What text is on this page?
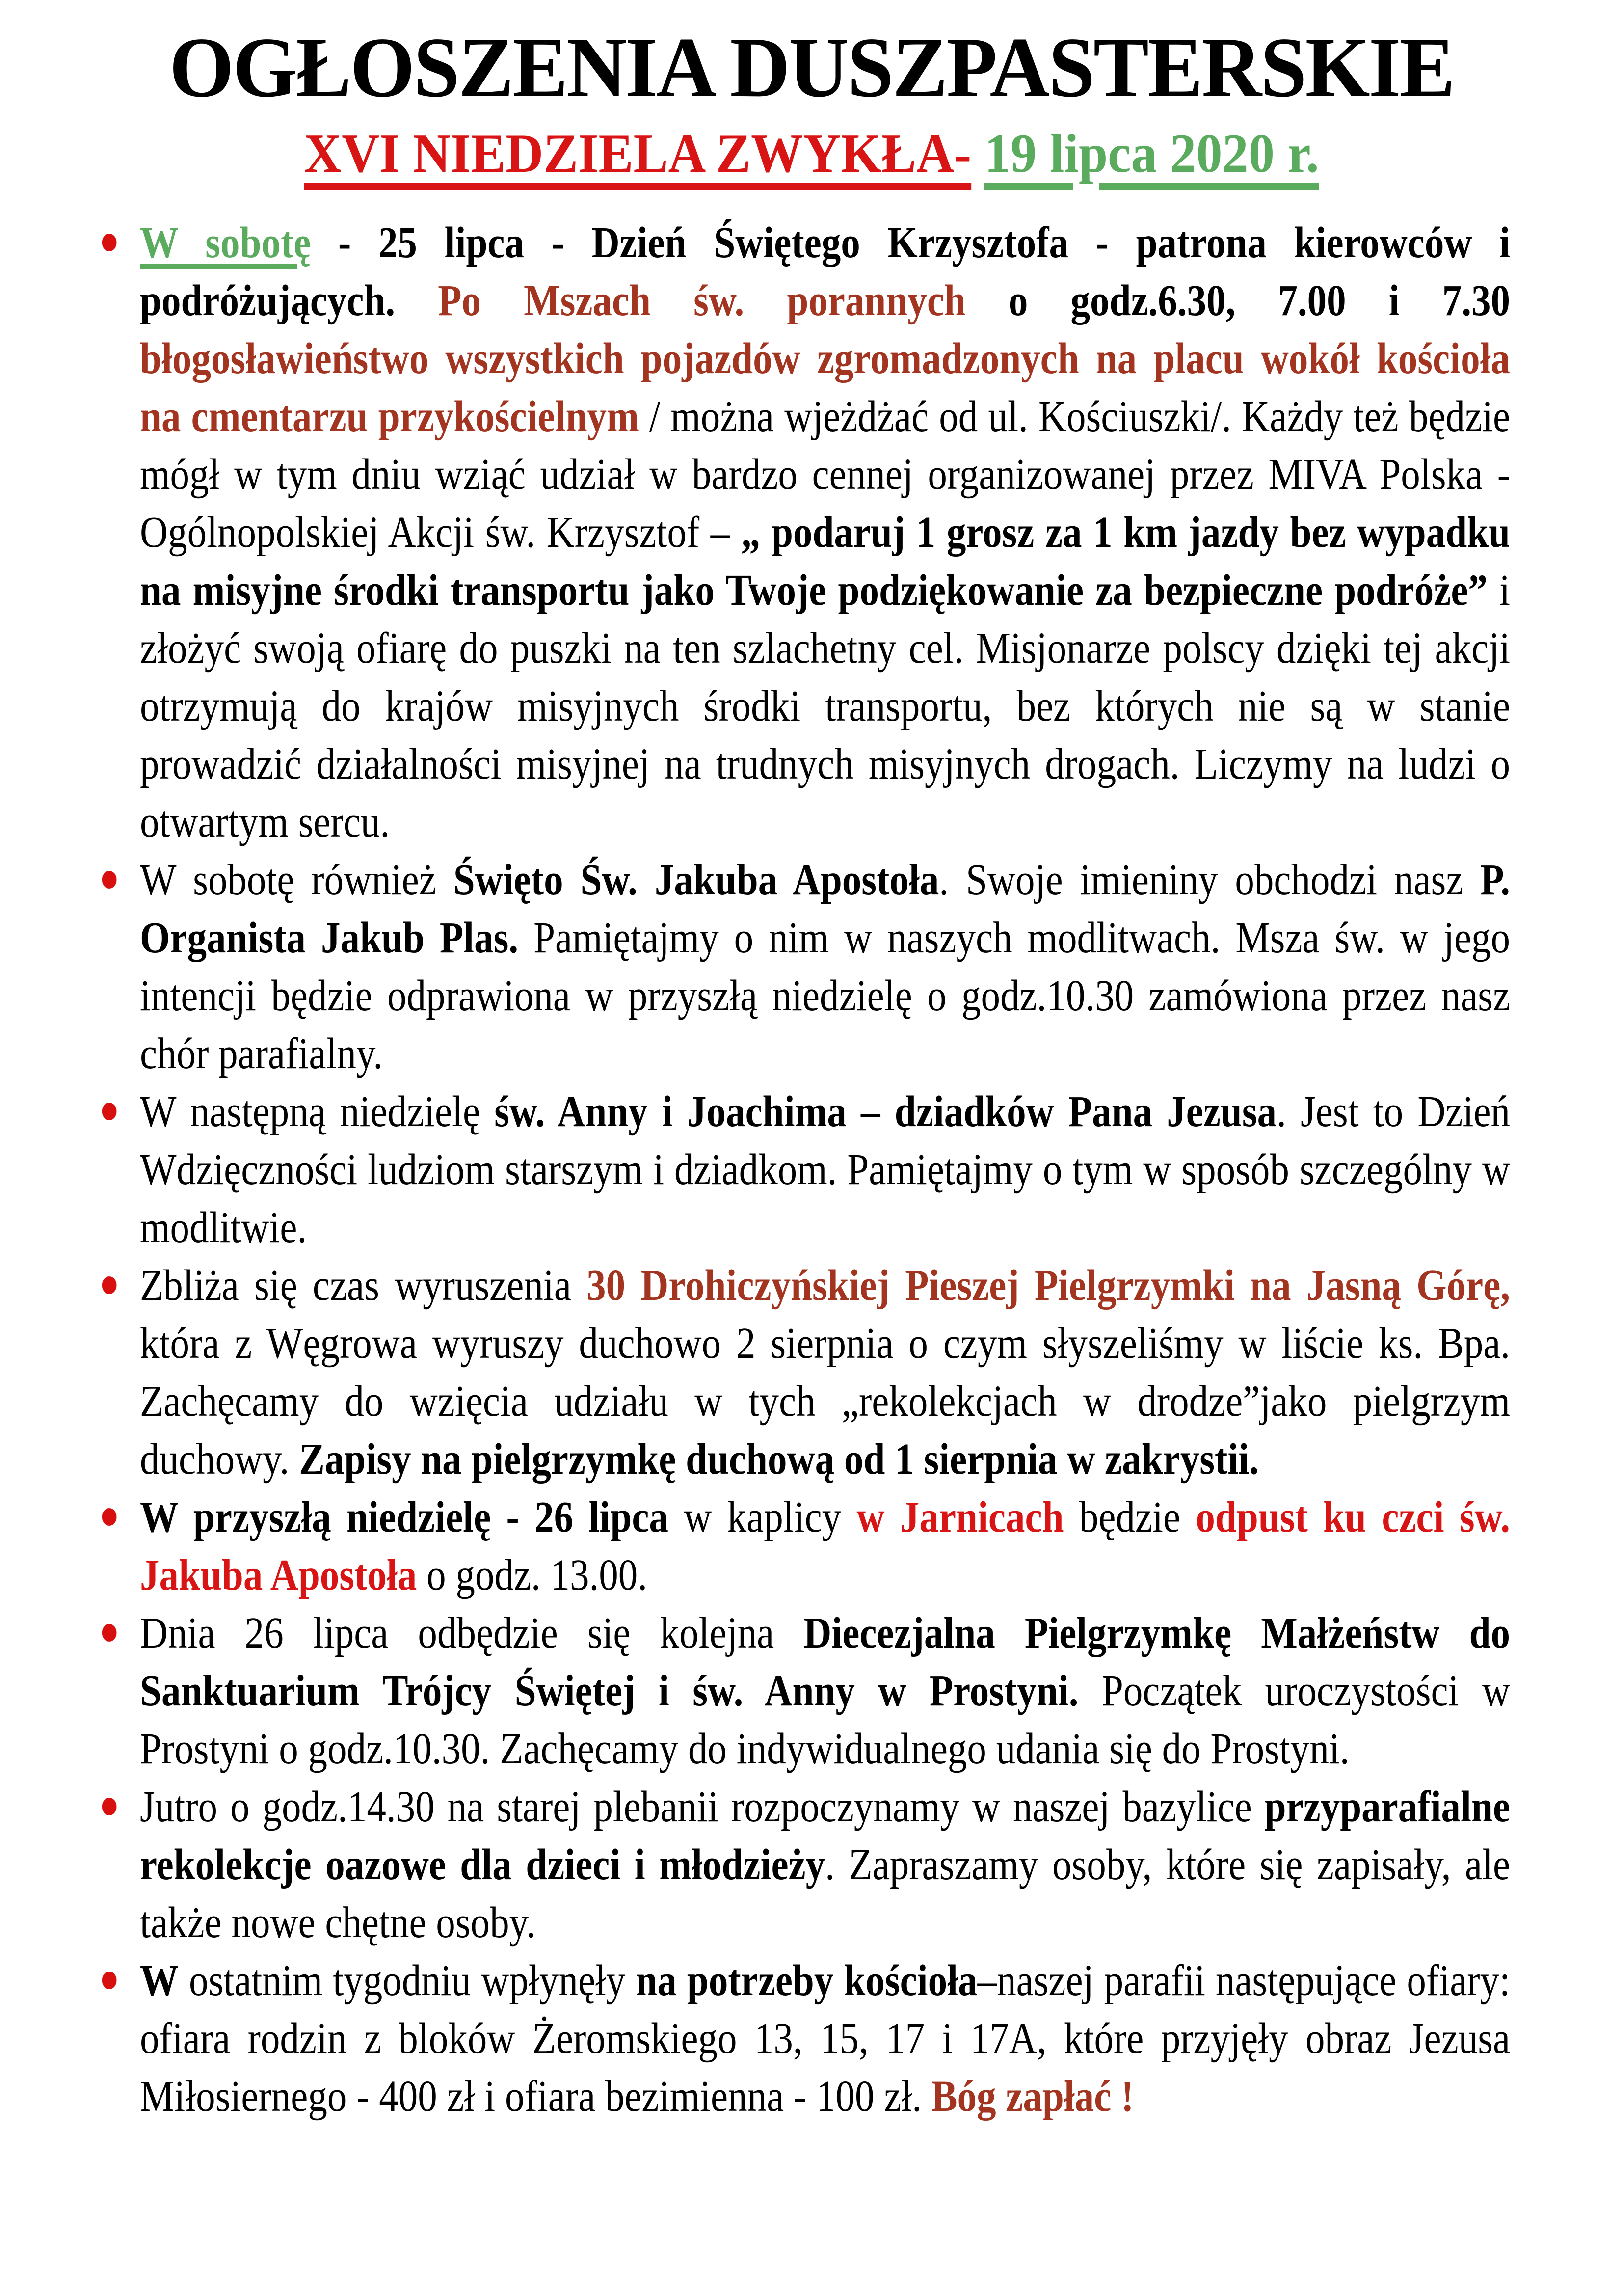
OGŁOSZENIA DUSZPASTERSKIE
XVI NIEDZIELA ZWYKŁA- 19 lipca 2020 r.
W sobotę - 25 lipca - Dzień Świętego Krzysztofa - patrona kierowców i podróżujących. Po Mszach św. porannych o godz.6.30, 7.00 i 7.30 błogosławieństwo wszystkich pojazdów zgromadzonych na placu wokół kościoła na cmentarzu przykościelnym / można wjeżdżać od ul. Kościuszki/. Każdy też będzie mógł w tym dniu wziąć udział w bardzo cennej organizowanej przez MIVA Polska - Ogólnopolskiej Akcji św. Krzysztof – „ podaruj 1 grosz za 1 km jazdy bez wypadku na misyjne środki transportu jako Twoje podziękowanie za bezpieczne podróże” i złożyć swoją ofiarę do puszki na ten szlachetny cel. Misjonarze polscy dzięki tej akcji otrzymują do krajów misyjnych środki transportu, bez których nie są w stanie prowadzić działalności misyjnej na trudnych misyjnych drogach. Liczymy na ludzi o otwartym sercu.
W sobotę również Święto Św. Jakuba Apostoła. Swoje imieniny obchodzi nasz P. Organista Jakub Plas. Pamiętajmy o nim w naszych modlitwach. Msza św. w jego intencji będzie odprawiona w przyszłą niedzielę o godz.10.30 zamówiona przez nasz chór parafialny.
W następną niedzielę św. Anny i Joachima – dziadków Pana Jezusa. Jest to Dzień Wdzięczności ludziom starszym i dziadkom. Pamiętajmy o tym w sposób szczególny w modlitwie.
Zbliża się czas wyruszenia 30 Drohiczyńskiej Pieszej Pielgrzymki na Jasną Górę, która z Węgrowa wyruszy duchowo 2 sierpnia o czym słyszeliśmy w liście ks. Bpa. Zachęcamy do wzięcia udziału w tych „rekolekcjach w drodze”jako pielgrzym duchowy. Zapisy na pielgrzymkę duchową od 1 sierpnia w zakrystii.
W przyszłą niedzielę - 26 lipca w kaplicy w Jarnicach będzie odpust ku czci św. Jakuba Apostoła o godz. 13.00.
Dnia 26 lipca odbędzie się kolejna Diecezjalna Pielgrzymkę Małżeństw do Sanktuarium Trójcy Świętej i św. Anny w Prostyni. Początek uroczystości w Prostyni o godz.10.30. Zachęcamy do indywidualnego udania się do Prostyni.
Jutro o godz.14.30 na starej plebanii rozpoczynamy w naszej bazylice przyparafialne rekolekcje oazowe dla dzieci i młodzieży. Zapraszamy osoby, które się zapisały, ale także nowe chętne osoby.
W ostatnim tygodniu wpłynęły na potrzeby kościoła–naszej parafii następujące ofiary: ofiara rodzin z bloków Żeromskiego 13, 15, 17 i 17A, które przyjęły obraz Jezusa Miłosiernego - 400 zł i ofiara bezimienna - 100 zł. Bóg zapłać !
